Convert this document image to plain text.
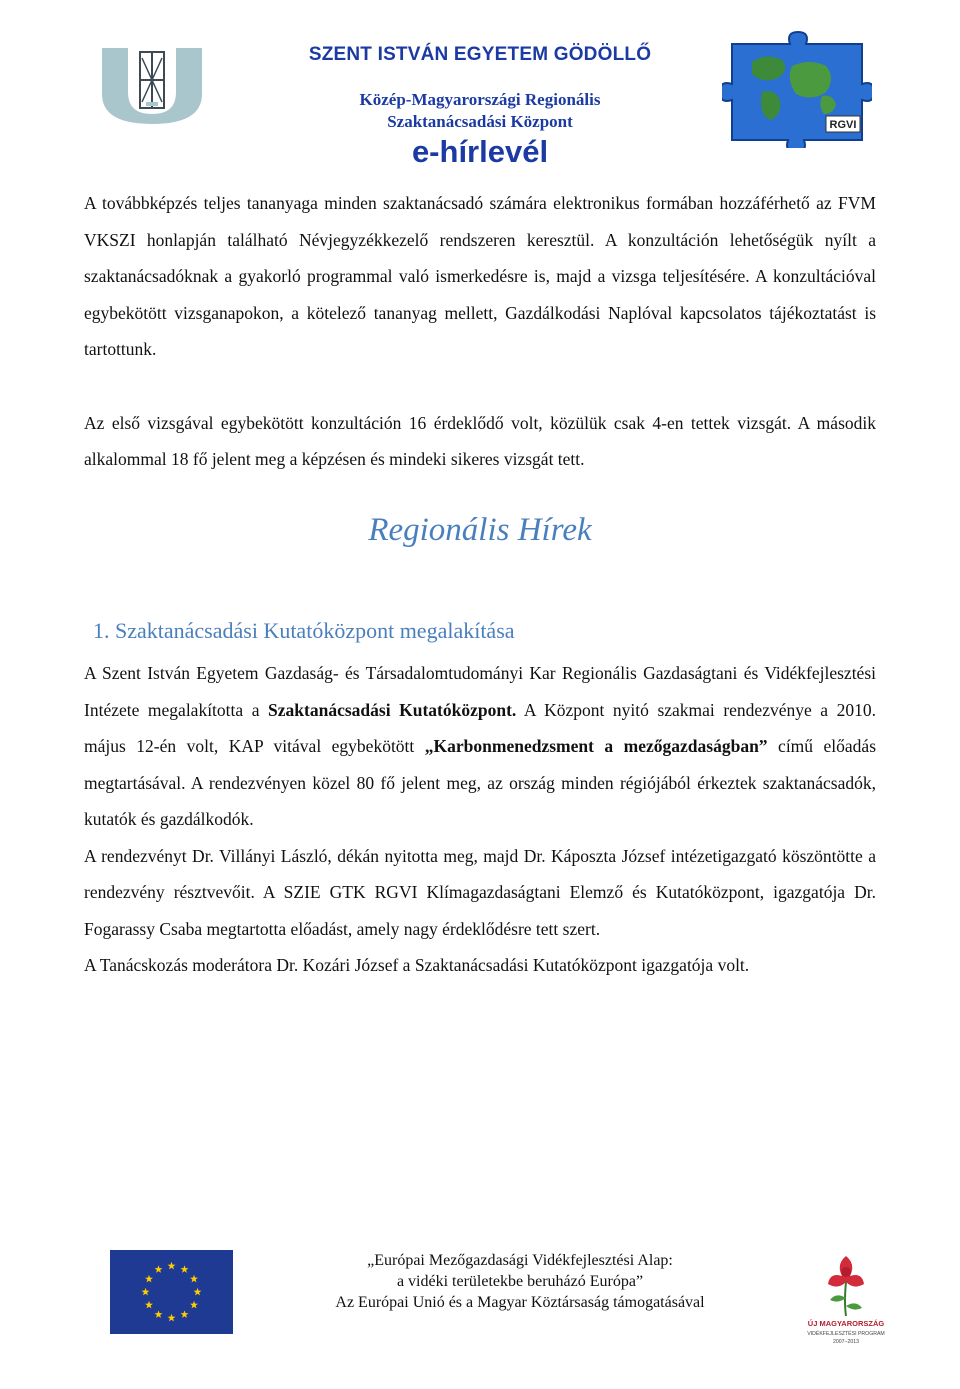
SZENT ISTVÁN EGYETEM GÖDÖLLŐ
Közép-Magyarországi Regionális
Szaktanácsadási Központ
e-hírlevél
RGVI

A továbbképzés teljes tananyaga minden szaktanácsadó számára elektronikus formában hozzáférhető az FVM VKSZI honlapján található Névjegyzékkezelő rendszeren keresztül. A konzultáción lehetőségük nyílt a szaktanácsadóknak a gyakorló programmal való ismerkedésre is, majd a vizsga teljesítésére. A konzultációval egybekötött vizsganapokon, a kötelező tananyag mellett, Gazdálkodási Naplóval kapcsolatos tájékoztatást is tartottunk.

Az első vizsgával egybekötött konzultáción 16 érdeklődő volt, közülük csak 4-en tettek vizsgát. A második alkalommal 18 fő jelent meg a képzésen és mindeki sikeres vizsgát tett.

Regionális Hírek
1. Szaktanácsadási Kutatóközpont megalakítása

A Szent István Egyetem Gazdaság- és Társadalomtudományi Kar Regionális Gazdaságtani és Vidékfejlesztési Intézete megalakította a Szaktanácsadási Kutatóközpont. A Központ nyitó szakmai rendezvénye a 2010. május 12-én volt, KAP vitával egybekötött „Karbonmenedzsment a mezőgazdaságban” című előadás megtartásával. A rendezvényen közel 80 fő jelent meg, az ország minden régiójából érkeztek szaktanácsadók, kutatók és gazdálkodók.

A rendezvényt Dr. Villányi László, dékán nyitotta meg, majd Dr. Káposzta József intézetigazgató köszöntötte a rendezvény résztvevőit. A SZIE GTK RGVI Klímagazdaságtani Elemző és Kutatóközpont, igazgatója Dr. Fogarassy Csaba megtartotta előadást, amely nagy érdeklődésre tett szert.

A Tanácskozás moderátora Dr. Kozári József a Szaktanácsadási Kutatóközpont igazgatója volt.

„Európai Mezőgazdasági Vidékfejlesztési Alap:
a vidéki területekbe beruházó Európa”
Az Európai Unió és a Magyar Köztársaság támogatásával
ÚJ MAGYARORSZÁG
VIDÉKFEJLESZTÉSI PROGRAM
2007–2013
